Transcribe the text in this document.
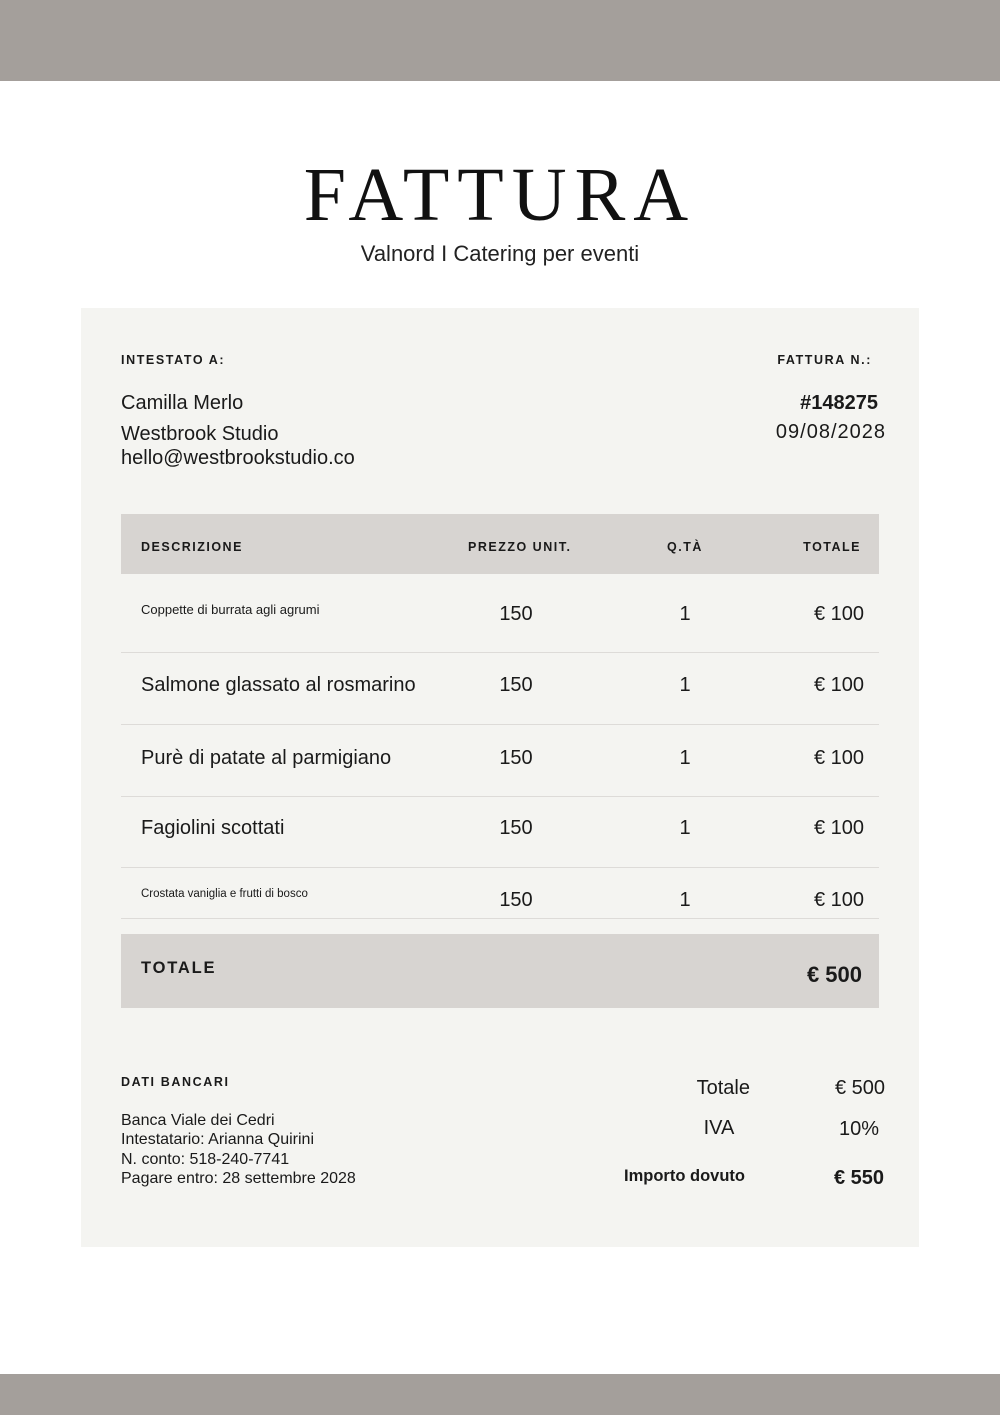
FATTURA
Valnord I Catering per eventi
INTESTATO A:
Camilla Merlo
Westbrook Studio
hello@westbrookstudio.co
FATTURA N.:
#148275
09/08/2028
DESCRIZIONE	PREZZO UNIT.	Q.TÀ	TOTALE
Coppette di burrata agli agrumi	150	1	€ 100
Salmone glassato al rosmarino	150	1	€ 100
Purè di patate al parmigiano	150	1	€ 100
Fagiolini scottati	150	1	€ 100
Crostata vaniglia e frutti di bosco	150	1	€ 100
TOTALE	€ 500
DATI BANCARI
Banca Viale dei Cedri
Intestatario: Arianna Quirini
N. conto: 518-240-7741
Pagare entro: 28 settembre 2028
Totale	€ 500
IVA	10%
Importo dovuto	€ 550
